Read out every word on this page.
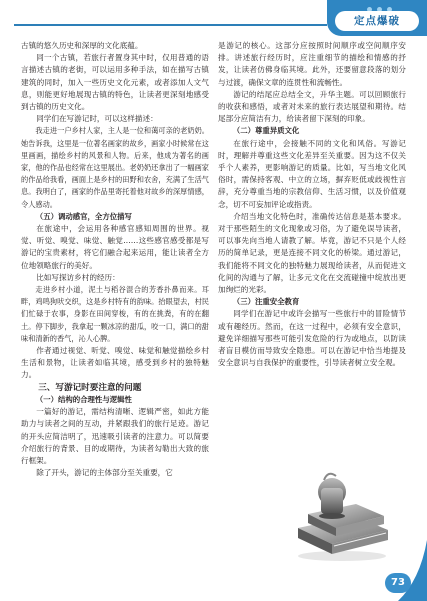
定点爆破

古镇的悠久历史和深厚的文化底蕴。

同一个古镇，若旅行者置身其中时，仅用普通的语言描述古镇的老街，可以运用多种手法，如在描写古镇建筑的同时，加入一些历史文化元素，或者添加人文气息，则能更好地展现古镇的特色，让读者更深刻地感受到古镇的历史文化。

同学们在写游记时，可以这样描述：

我走进一户乡村人家，主人是一位和蔼可亲的老奶奶。她告诉我，这里是一位著名画家的故乡，画家小时候常在这里画画，描绘乡村的风景和人物。后来，他成为著名的画家，他的作品也经常在这里展出。老奶奶还拿出了一幅画家的作品给我看，画面上是乡村的田野和农舍，充满了生活气息。我明白了，画家的作品里寄托着他对故乡的深厚情感，令人感动。

（五）调动感官，全方位描写

在旅途中，会运用各种感官感知周围的世界。视觉、听觉、嗅觉、味觉、触觉……这些感官感受都是写游记的宝贵素材，将它们融合起来运用，能让读者全方位地领略旅行的美好。

比如写探访乡村的经历：

走进乡村小道，泥土与稻谷混合的芳香扑鼻而来。耳畔，鸡鸣狗吠交织，这是乡村特有的韵味。抬眼望去，村民们忙碌于农事，身影在田间穿梭，有的在挑粪，有的在翻土。停下脚步，我拿起一颗冰凉的甜瓜，咬一口，满口的甜味和清新的香气，沁人心脾。

作者通过视觉、听觉、嗅觉、味觉和触觉描绘乡村生活和景物，让读者如临其境，感受到乡村的独特魅力。

三、写游记时要注意的问题

（一）结构的合理性与逻辑性

一篇好的游记，需结构清晰、逻辑严密，如此方能助力与读者之间的互动，并紧跟我们的旅行足迹。游记的开头应简洁明了，迅速吸引读者的注意力。可以简要介绍旅行的背景、目的或期待，为读者勾勒出大致的旅行框架。

除了开头，游记的主体部分至关重要，它

是游记的核心。这部分应按照时间顺序或空间顺序安排。讲述旅行经历时，应注重细节的描绘和情感的抒发，让读者仿佛身临其境。此外，还要留意段落的划分与过渡，确保文章的连贯性和流畅性。

游记的结尾应总结全文，升华主题。可以回顾旅行的收获和感悟，或者对未来的旅行表达展望和期待。结尾部分应简洁有力，给读者留下深刻的印象。

（二）尊重异质文化

在旅行途中，会接触不同的文化和风俗。写游记时，理解并尊重这些文化差异至关重要。因为这不仅关乎个人素养，更影响游记的质量。比如，写当地文化风俗时，需保持客观、中立的立场，摒弃贬低或歧视性言辞，充分尊重当地的宗教信仰、生活习惯，以及价值观念，切不可妄加评论或指责。

介绍当地文化特色时，准确传达信息是基本要求。对于那些陌生的文化现象或习俗，为了避免误导读者，可以事先向当地人请教了解。毕竟，游记不只是个人经历的简单记录，更是连接不同文化的桥梁。通过游记，我们能将不同文化的独特魅力展现给读者，从而促进文化间的沟通与了解，让多元文化在交流碰撞中绽放出更加绚烂的光彩。

（三）注重安全教育

同学们在游记中或许会描写一些旅行中的冒险情节或有趣经历。然而，在这一过程中，必须有安全意识，避免详细描写那些可能引发危险的行为或地点，以防读者盲目模仿而导致安全隐患。可以在游记中恰当地提及安全意识与自我保护的重要性，引导读者树立安全观。

73
